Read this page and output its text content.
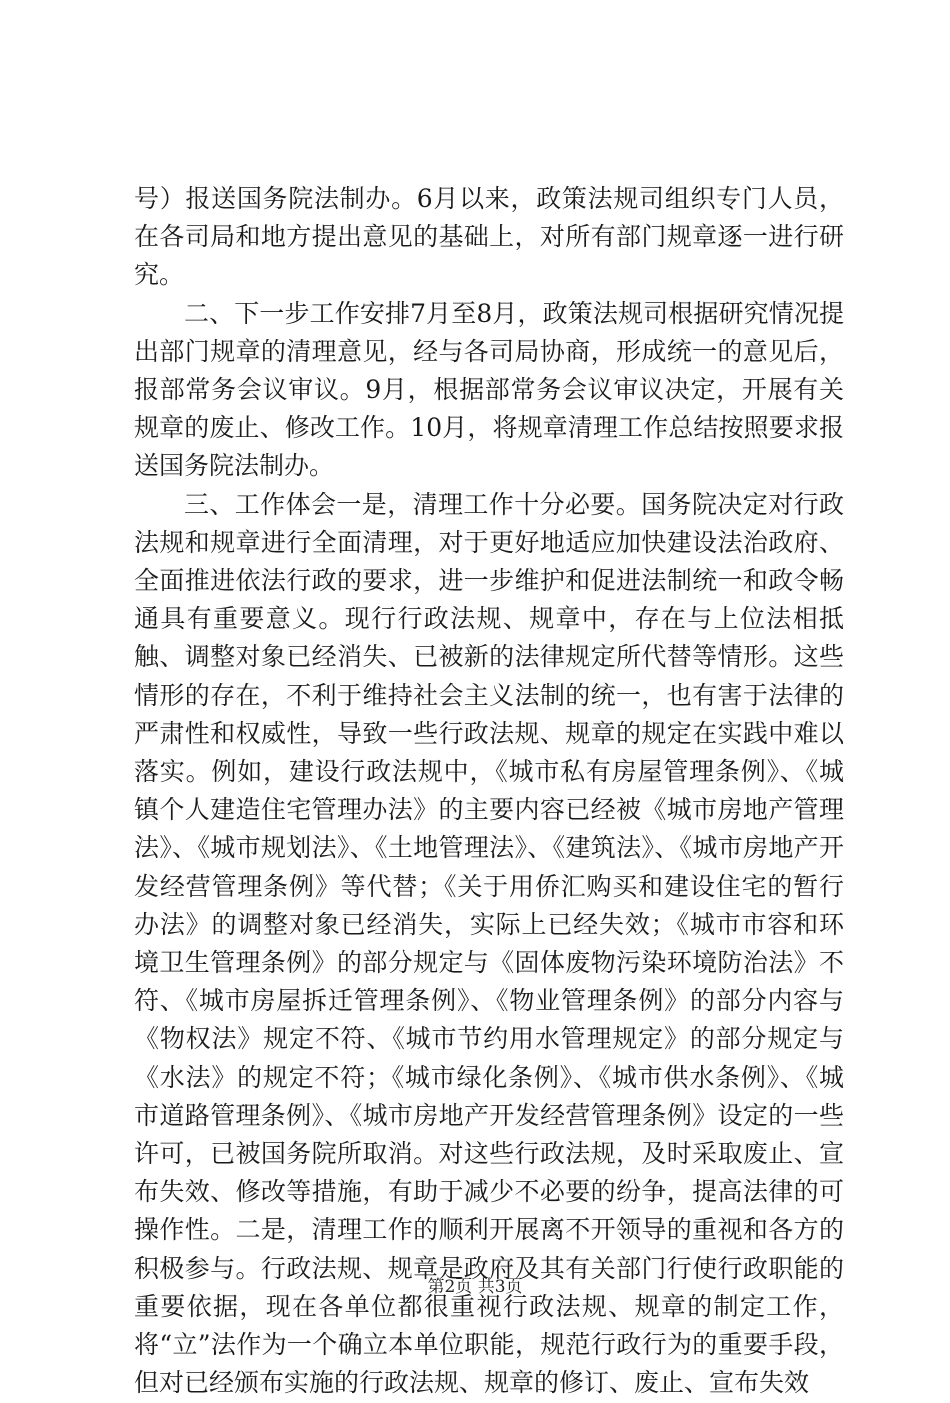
号）报送国务院法制办。6月以来，政策法规司组织专门人员，在各司局和地方提出意见的基础上，对所有部门规章逐一进行研究。

二、下一步工作安排7月至8月，政策法规司根据研究情况提出部门规章的清理意见，经与各司局协商，形成统一的意见后，报部常务会议审议。9月，根据部常务会议审议决定，开展有关规章的废止、修改工作。10月，将规章清理工作总结按照要求报送国务院法制办。

三、工作体会一是，清理工作十分必要。国务院决定对行政法规和规章进行全面清理，对于更好地适应加快建设法治政府、全面推进依法行政的要求，进一步维护和促进法制统一和政令畅通具有重要意义。现行行政法规、规章中，存在与上位法相抵触、调整对象已经消失、已被新的法律规定所代替等情形。这些情形的存在，不利于维持社会主义法制的统一，也有害于法律的严肃性和权威性，导致一些行政法规、规章的规定在实践中难以落实。例如，建设行政法规中，《城市私有房屋管理条例》、《城镇个人建造住宅管理办法》的主要内容已经被《城市房地产管理法》、《城市规划法》、《土地管理法》、《建筑法》、《城市房地产开发经营管理条例》等代替；《关于用侨汇购买和建设住宅的暂行办法》的调整对象已经消失，实际上已经失效；《城市市容和环境卫生管理条例》的部分规定与《固体废物污染环境防治法》不符、《城市房屋拆迁管理条例》、《物业管理条例》的部分内容与《物权法》规定不符、《城市节约用水管理规定》的部分规定与《水法》的规定不符；《城市绿化条例》、《城市供水条例》、《城市道路管理条例》、《城市房地产开发经营管理条例》设定的一些许可，已被国务院所取消。对这些行政法规，及时采取废止、宣布失效、修改等措施，有助于减少不必要的纷争，提高法律的可操作性。二是，清理工作的顺利开展离不开领导的重视和各方的积极参与。行政法规、规章是政府及其有关部门行使行政职能的重要依据，现在各单位都很重视行政法规、规章的制定工作，将“立”法作为一个确立本单位职能，规范行政行为的重要手段，但对已经颁布实施的行政法规、规章的修订、废止、宣布失效

第2页 共3页
